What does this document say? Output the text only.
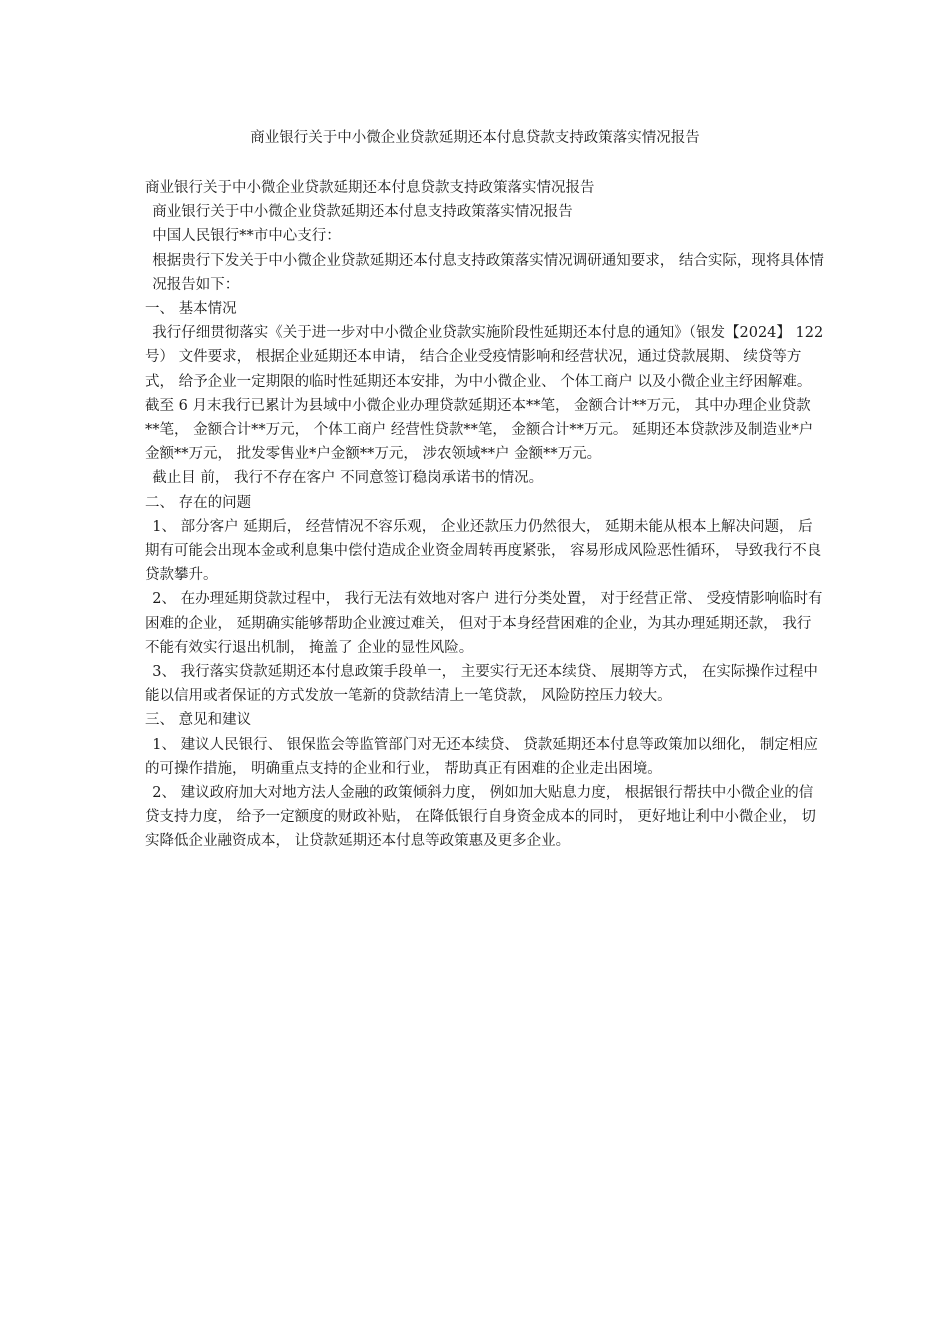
商业银行关于中小微企业贷款延期还本付息贷款支持政策落实情况报告

商业银行关于中小微企业贷款延期还本付息贷款支持政策落实情况报告

商业银行关于中小微企业贷款延期还本付息支持政策落实情况报告

中国人民银行**市中心支行：

根据贵行下发关于中小微企业贷款延期还本付息支持政策落实情况调研通知要求， 结合实际，现将具体情况报告如下：

一、 基本情况

我行仔细贯彻落实《关于进一步对中小微企业贷款实施阶段性延期还本付息的通知》（银发【2024】 122 号） 文件要求， 根据企业延期还本申请， 结合企业受疫情影响和经营状况，通过贷款展期、 续贷等方式， 给予企业一定期限的临时性延期还本安排，为中小微企业、 个体工商户 以及小微企业主纾困解难。 截至 6 月末我行已累计为县域中小微企业办理贷款延期还本**笔， 金额合计**万元， 其中办理企业贷款**笔， 金额合计**万元， 个体工商户 经营性贷款**笔， 金额合计**万元。 延期还本贷款涉及制造业*户 金额**万元， 批发零售业*户金额**万元， 涉农领域**户 金额**万元。

截止目 前， 我行不存在客户 不同意签订稳岗承诺书的情况。

二、 存在的问题

1、 部分客户 延期后， 经营情况不容乐观， 企业还款压力仍然很大， 延期未能从根本上解决问题， 后期有可能会出现本金或利息集中偿付造成企业资金周转再度紧张， 容易形成风险恶性循环， 导致我行不良贷款攀升。

2、 在办理延期贷款过程中， 我行无法有效地对客户 进行分类处置， 对于经营正常、 受疫情影响临时有困难的企业， 延期确实能够帮助企业渡过难关， 但对于本身经营困难的企业，为其办理延期还款， 我行不能有效实行退出机制， 掩盖了 企业的显性风险。

3、 我行落实贷款延期还本付息政策手段单一， 主要实行无还本续贷、 展期等方式， 在实际操作过程中能以信用或者保证的方式发放一笔新的贷款结清上一笔贷款， 风险防控压力较大。

三、 意见和建议

1、 建议人民银行、 银保监会等监管部门对无还本续贷、 贷款延期还本付息等政策加以细化， 制定相应的可操作措施， 明确重点支持的企业和行业， 帮助真正有困难的企业走出困境。

2、 建议政府加大对地方法人金融的政策倾斜力度， 例如加大贴息力度， 根据银行帮扶中小微企业的信贷支持力度， 给予一定额度的财政补贴， 在降低银行自身资金成本的同时， 更好地让利中小微企业， 切实降低企业融资成本， 让贷款延期还本付息等政策惠及更多企业。
